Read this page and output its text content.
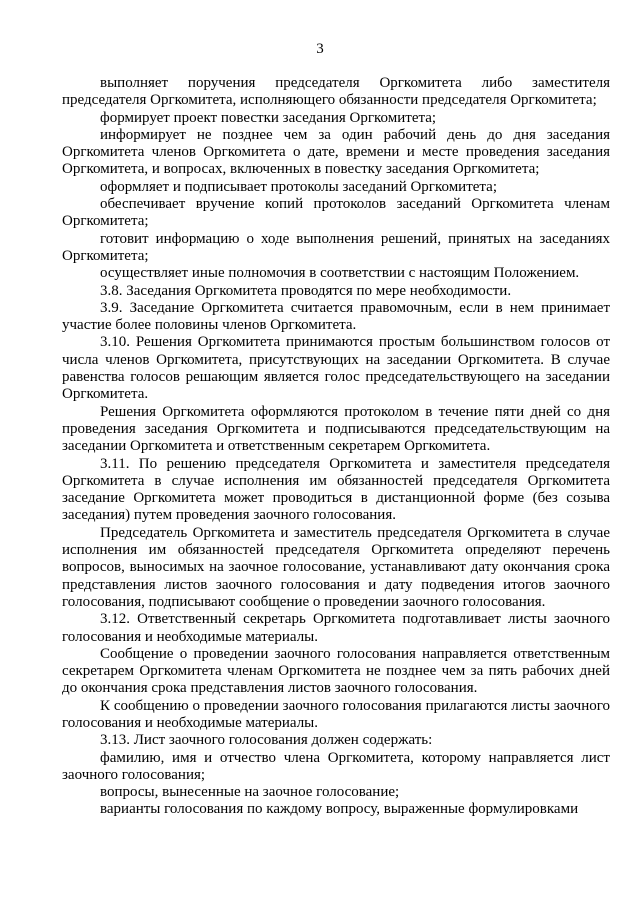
3

выполняет поручения председателя Оргкомитета либо заместителя председателя Оргкомитета, исполняющего обязанности председателя Оргкомитета;

формирует проект повестки заседания Оргкомитета;

информирует не позднее чем за один рабочий день до дня заседания Оргкомитета членов Оргкомитета о дате, времени и месте проведения заседания Оргкомитета, и вопросах, включенных в повестку заседания Оргкомитета;

оформляет и подписывает протоколы заседаний Оргкомитета;

обеспечивает вручение копий протоколов заседаний Оргкомитета членам Оргкомитета;

готовит информацию о ходе выполнения решений, принятых на заседаниях Оргкомитета;

осуществляет иные полномочия в соответствии с настоящим Положением.

3.8. Заседания Оргкомитета проводятся по мере необходимости.

3.9. Заседание Оргкомитета считается правомочным, если в нем принимает участие более половины членов Оргкомитета.

3.10. Решения Оргкомитета принимаются простым большинством голосов от числа членов Оргкомитета, присутствующих на заседании Оргкомитета. В случае равенства голосов решающим является голос председательствующего на заседании Оргкомитета.

Решения Оргкомитета оформляются протоколом в течение пяти дней со дня проведения заседания Оргкомитета и подписываются председательствующим на заседании Оргкомитета и ответственным секретарем Оргкомитета.

3.11. По решению председателя Оргкомитета и заместителя председателя Оргкомитета в случае исполнения им обязанностей председателя Оргкомитета заседание Оргкомитета может проводиться в дистанционной форме (без созыва заседания) путем проведения заочного голосования.

Председатель Оргкомитета и заместитель председателя Оргкомитета в случае исполнения им обязанностей председателя Оргкомитета определяют перечень вопросов, выносимых на заочное голосование, устанавливают дату окончания срока представления листов заочного голосования и дату подведения итогов заочного голосования, подписывают сообщение о проведении заочного голосования.

3.12. Ответственный секретарь Оргкомитета подготавливает листы заочного голосования и необходимые материалы.

Сообщение о проведении заочного голосования направляется ответственным секретарем Оргкомитета членам Оргкомитета не позднее чем за пять рабочих дней до окончания срока представления листов заочного голосования.

К сообщению о проведении заочного голосования прилагаются листы заочного голосования и необходимые материалы.

3.13. Лист заочного голосования должен содержать:

фамилию, имя и отчество члена Оргкомитета, которому направляется лист заочного голосования;

вопросы, вынесенные на заочное голосование;

варианты голосования по каждому вопросу, выраженные формулировками
